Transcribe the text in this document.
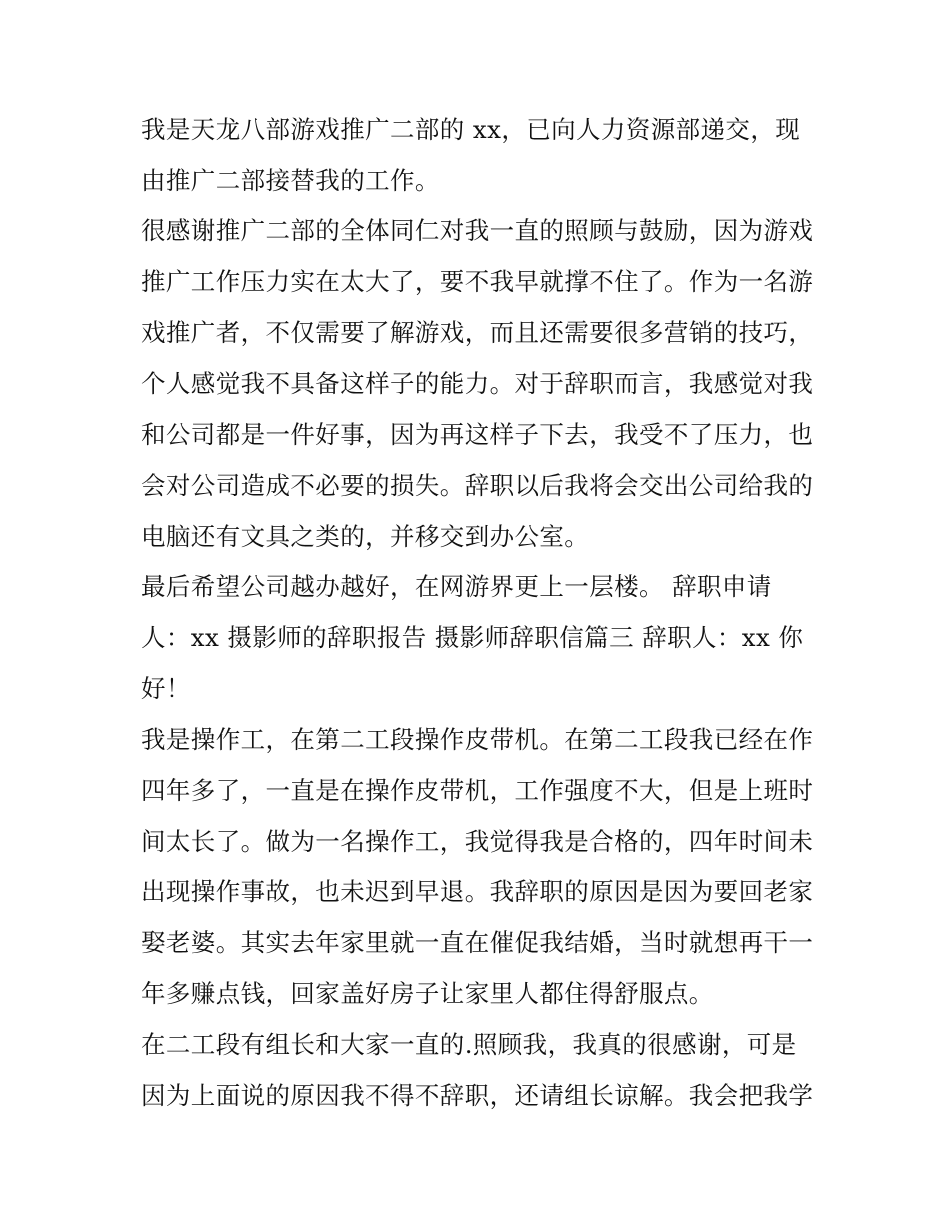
我是天龙八部游戏推广二部的 xx，已向人力资源部递交，现
由推广二部接替我的工作。
很感谢推广二部的全体同仁对我一直的照顾与鼓励，因为游戏
推广工作压力实在太大了，要不我早就撑不住了。作为一名游
戏推广者，不仅需要了解游戏，而且还需要很多营销的技巧，
个人感觉我不具备这样子的能力。对于辞职而言，我感觉对我
和公司都是一件好事，因为再这样子下去，我受不了压力，也
会对公司造成不必要的损失。辞职以后我将会交出公司给我的
电脑还有文具之类的，并移交到办公室。
最后希望公司越办越好，在网游界更上一层楼。 辞职申请
人：xx 摄影师的辞职报告 摄影师辞职信篇三 辞职人：xx 你
好！
我是操作工，在第二工段操作皮带机。在第二工段我已经在作
四年多了，一直是在操作皮带机，工作强度不大，但是上班时
间太长了。做为一名操作工，我觉得我是合格的，四年时间未
出现操作事故，也未迟到早退。我辞职的原因是因为要回老家
娶老婆。其实去年家里就一直在催促我结婚，当时就想再干一
年多赚点钱，回家盖好房子让家里人都住得舒服点。
在二工段有组长和大家一直的.照顾我，我真的很感谢，可是
因为上面说的原因我不得不辞职，还请组长谅解。我会把我学
